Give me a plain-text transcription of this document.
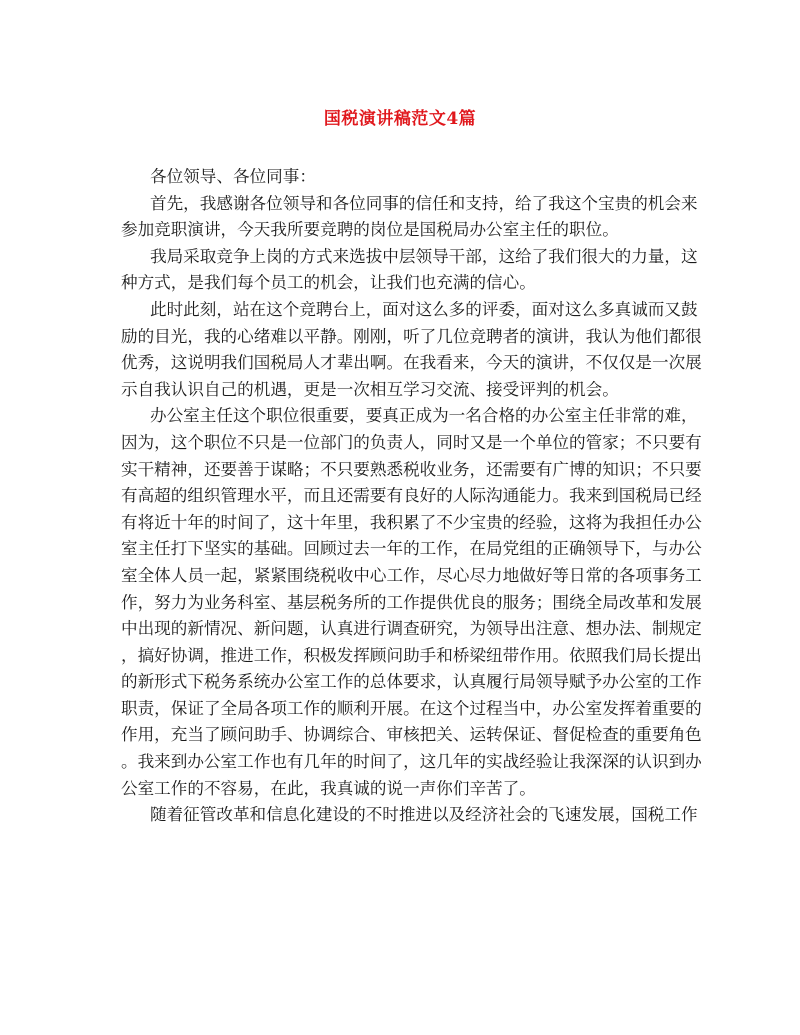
国税演讲稿范文4篇
各位领导、各位同事：
首先，我感谢各位领导和各位同事的信任和支持，给了我这个宝贵的机会来
参加竞职演讲，今天我所要竞聘的岗位是国税局办公室主任的职位。
我局采取竞争上岗的方式来选拔中层领导干部，这给了我们很大的力量，这
种方式，是我们每个员工的机会，让我们也充满的信心。
此时此刻，站在这个竞聘台上，面对这么多的评委，面对这么多真诚而又鼓
励的目光，我的心绪难以平静。刚刚，听了几位竞聘者的演讲，我认为他们都很
优秀，这说明我们国税局人才辈出啊。在我看来，今天的演讲，不仅仅是一次展
示自我认识自己的机遇，更是一次相互学习交流、接受评判的机会。
办公室主任这个职位很重要，要真正成为一名合格的办公室主任非常的难，
因为，这个职位不只是一位部门的负责人，同时又是一个单位的管家；不只要有
实干精神，还要善于谋略；不只要熟悉税收业务，还需要有广博的知识；不只要
有高超的组织管理水平，而且还需要有良好的人际沟通能力。我来到国税局已经
有将近十年的时间了，这十年里，我积累了不少宝贵的经验，这将为我担任办公
室主任打下坚实的基础。回顾过去一年的工作，在局党组的正确领导下，与办公
室全体人员一起，紧紧围绕税收中心工作，尽心尽力地做好等日常的各项事务工
作，努力为业务科室、基层税务所的工作提供优良的服务；围绕全局改革和发展
中出现的新情况、新问题，认真进行调查研究，为领导出注意、想办法、制规定
，搞好协调，推进工作，积极发挥顾问助手和桥梁纽带作用。依照我们局长提出
的新形式下税务系统办公室工作的总体要求，认真履行局领导赋予办公室的工作
职责，保证了全局各项工作的顺利开展。在这个过程当中，办公室发挥着重要的
作用，充当了顾问助手、协调综合、审核把关、运转保证、督促检查的重要角色
。我来到办公室工作也有几年的时间了，这几年的实战经验让我深深的认识到办
公室工作的不容易，在此，我真诚的说一声你们辛苦了。
随着征管改革和信息化建设的不时推进以及经济社会的飞速发展，国税工作
